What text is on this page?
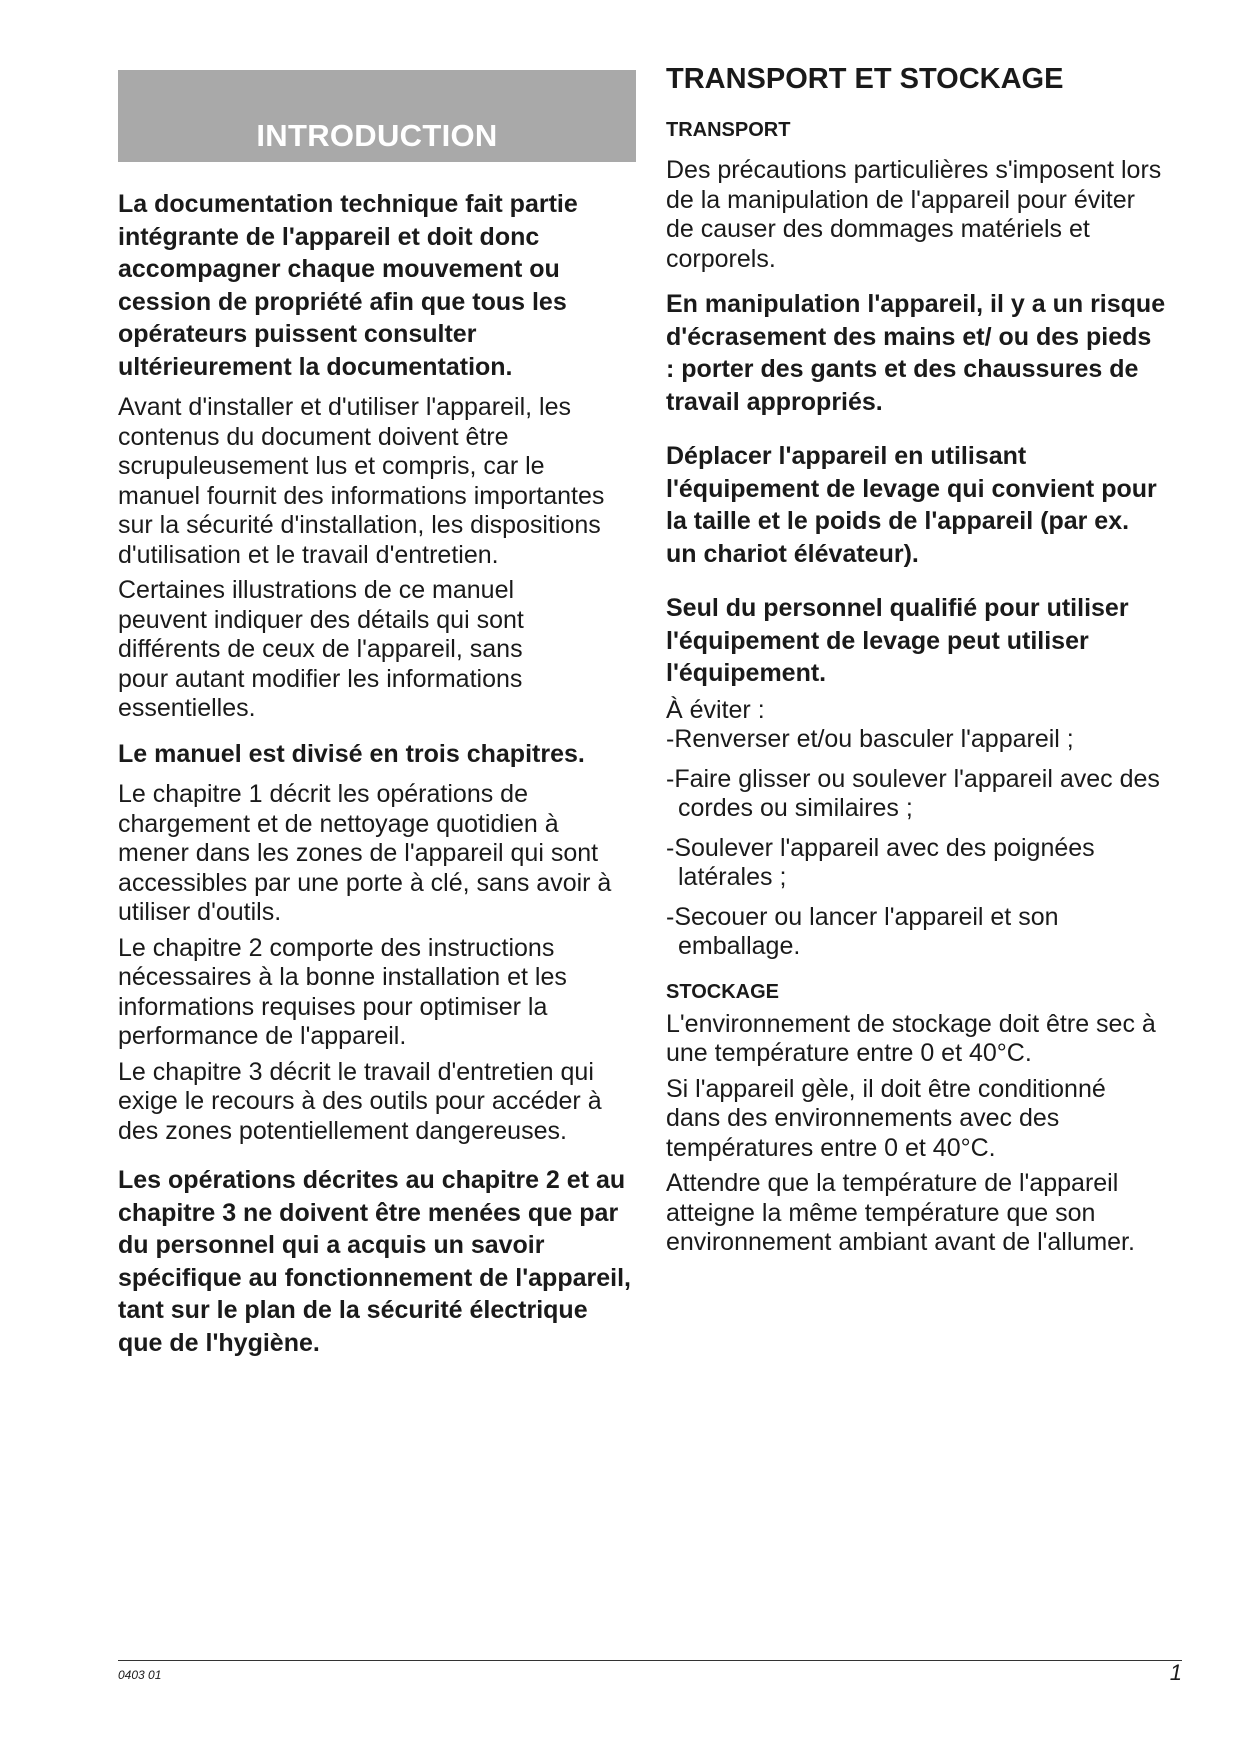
INTRODUCTION

La documentation technique fait partie intégrante de l'appareil et doit donc accompagner chaque mouvement ou cession de propriété afin que tous les opérateurs puissent consulter ultérieurement la documentation.

Avant d'installer et d'utiliser l'appareil, les contenus du document doivent être scrupuleusement lus et compris, car le manuel fournit des informations importantes sur la sécurité d'installation, les dispositions d'utilisation et le travail d'entretien.

Certaines illustrations de ce manuel peuvent indiquer des détails qui sont différents de ceux de l'appareil, sans pour autant modifier les informations essentielles.

Le manuel est divisé en trois chapitres.

Le chapitre 1 décrit les opérations de chargement et de nettoyage quotidien à mener dans les zones de l'appareil qui sont accessibles par une porte à clé, sans avoir à utiliser d'outils.

Le chapitre 2 comporte des instructions nécessaires à la bonne installation et les informations requises pour optimiser la performance de l'appareil.

Le chapitre 3 décrit le travail d'entretien qui exige le recours à des outils pour accéder à des zones potentiellement dangereuses.

Les opérations décrites au chapitre 2 et au chapitre 3 ne doivent être menées que par du personnel qui a acquis un savoir spécifique au fonctionnement de l'appareil, tant sur le plan de la sécurité électrique que de l'hygiène.

TRANSPORT ET STOCKAGE
TRANSPORT

Des précautions particulières s'imposent lors de la manipulation de l'appareil pour éviter de causer des dommages matériels et corporels.

En manipulation l'appareil, il y a un risque d'écrasement des mains et/ ou des pieds : porter des gants et des chaussures de travail appropriés.

Déplacer l'appareil en utilisant l'équipement de levage qui convient pour la taille et le poids de l'appareil (par ex. un chariot élévateur).

Seul du personnel qualifié pour utiliser l'équipement de levage peut utiliser l'équipement.

À éviter :

-Renverser et/ou basculer l'appareil ;
-Faire glisser ou soulever l'appareil avec des cordes ou similaires ;
-Soulever l'appareil avec des poignées latérales ;
-Secouer ou lancer l'appareil et son emballage.
STOCKAGE

L'environnement de stockage doit être sec à une température entre 0 et 40°C.

Si l'appareil gèle, il doit être conditionné dans des environnements avec des températures entre 0 et 40°C.

Attendre que la température de l'appareil atteigne la même température que son environnement ambiant avant de l'allumer.

0403 01	1
